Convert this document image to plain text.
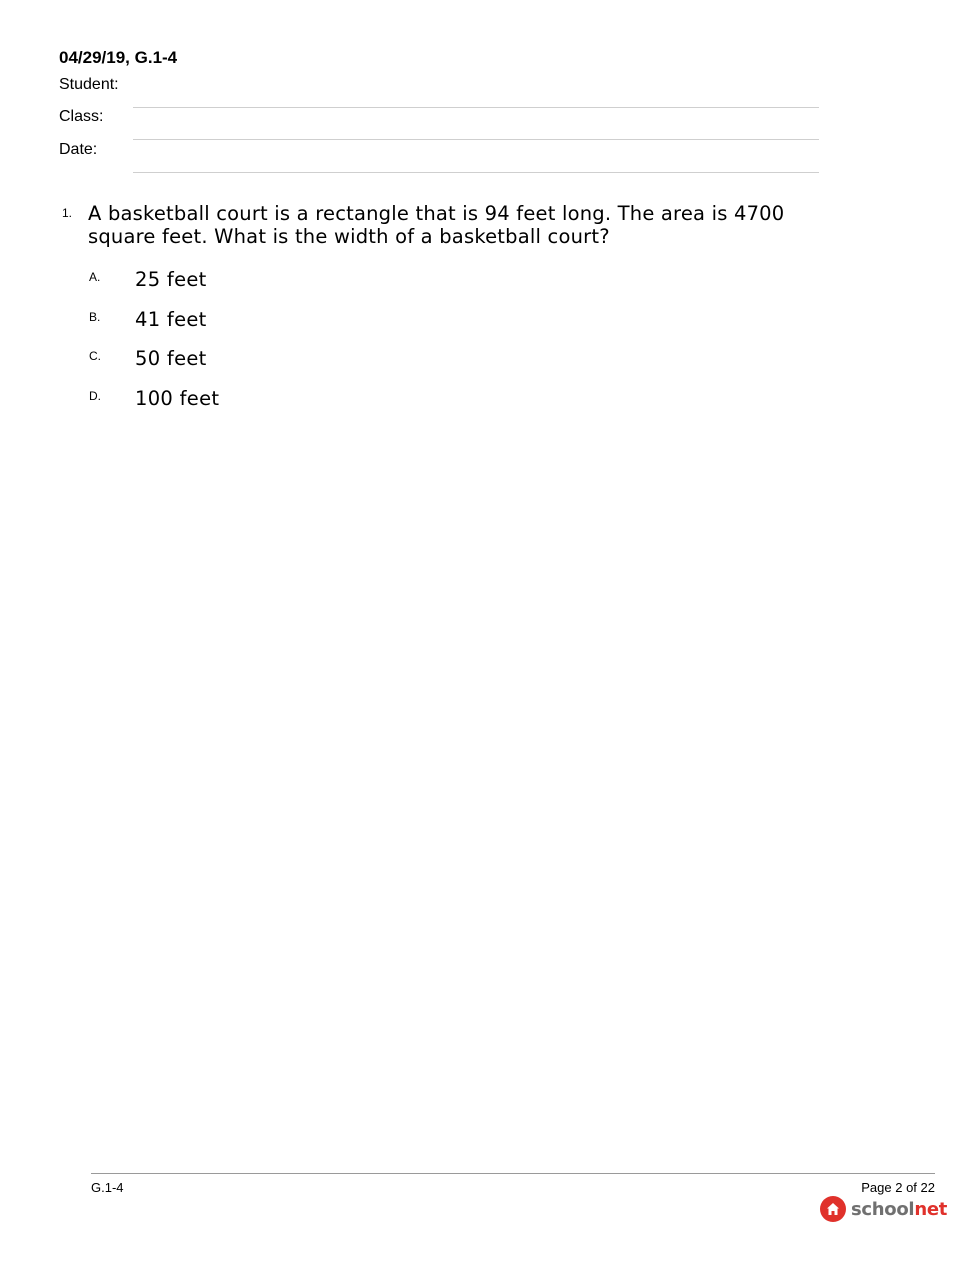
04/29/19, G.1-4
Student:
Class:
Date:
1. A basketball court is a rectangle that is 94 feet long. The area is 4700 square feet. What is the width of a basketball court?
A. 25 feet
B. 41 feet
C. 50 feet
D. 100 feet
G.1-4	Page 2 of 22
schoolnet
